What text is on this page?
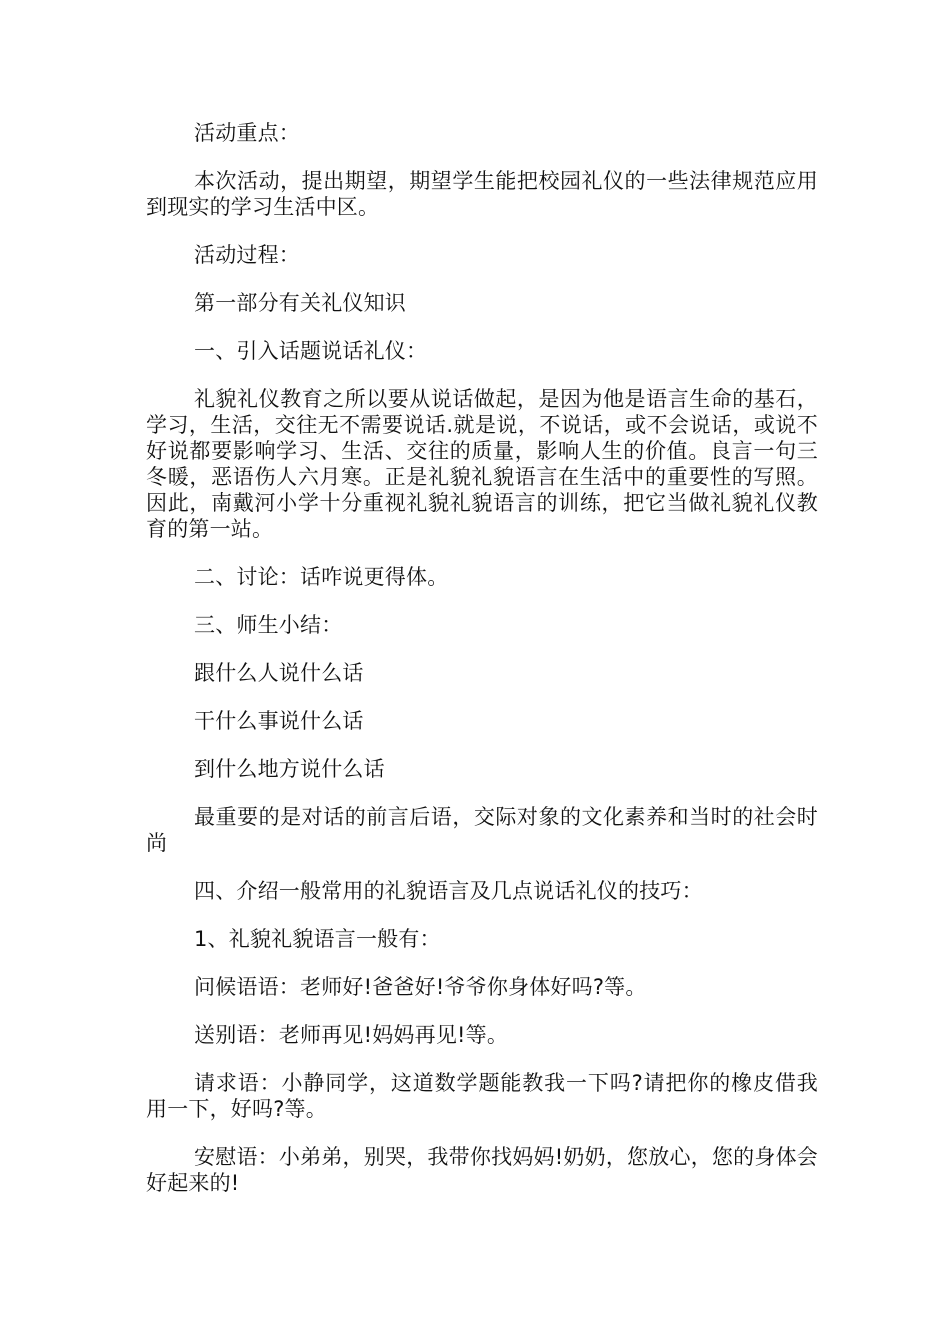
活动重点：

本次活动，提出期望，期望学生能把校园礼仪的一些法律规范应用到现实的学习生活中区。

活动过程：

第一部分有关礼仪知识

一、引入话题说话礼仪：

礼貌礼仪教育之所以要从说话做起，是因为他是语言生命的基石，学习，生活，交往无不需要说话.就是说，不说话，或不会说话，或说不好说都要影响学习、生活、交往的质量，影响人生的价值。良言一句三冬暖，恶语伤人六月寒。正是礼貌礼貌语言在生活中的重要性的写照。因此，南戴河小学十分重视礼貌礼貌语言的训练，把它当做礼貌礼仪教育的第一站。

二、讨论：话咋说更得体。

三、师生小结：

跟什么人说什么话

干什么事说什么话

到什么地方说什么话

最重要的是对话的前言后语，交际对象的文化素养和当时的社会时尚

四、介绍一般常用的礼貌语言及几点说话礼仪的技巧：

1、礼貌礼貌语言一般有：

问候语语：老师好!爸爸好!爷爷你身体好吗?等。

送别语：老师再见!妈妈再见!等。

请求语：小静同学，这道数学题能教我一下吗?请把你的橡皮借我用一下，好吗?等。

安慰语：小弟弟，别哭，我带你找妈妈!奶奶，您放心，您的身体会好起来的!
